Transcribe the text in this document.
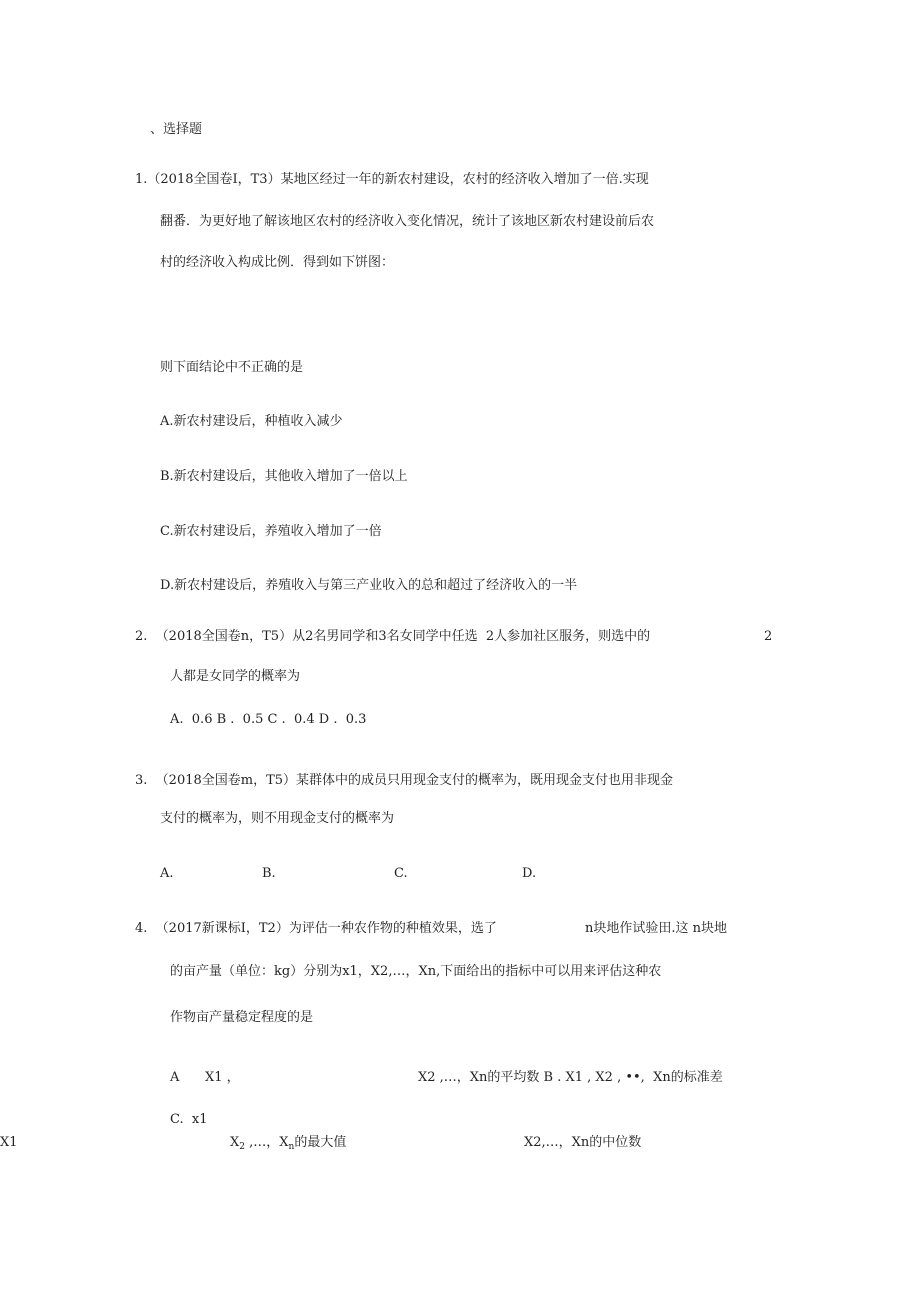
、选择题
1.（2018全国卷I，T3）某地区经过一年的新农村建设，农村的经济收入增加了一倍.实现
翻番．为更好地了解该地区农村的经济收入变化情况，统计了该地区新农村建设前后农
村的经济收入构成比例．得到如下饼图：
则下面结论中不正确的是
A.新农村建设后，种植收入减少
B.新农村建设后，其他收入增加了一倍以上
C.新农村建设后，养殖收入增加了一倍
D.新农村建设后，养殖收入与第三产业收入的总和超过了经济收入的一半
2.  （2018全国卷n，T5）从2名男同学和3名女同学中任选  2人参加社区服务，则选中的	2
人都是女同学的概率为
A.  0.6 B .  0.5 C .  0.4 D .  0.3
3.  （2018全国卷m，T5）某群体中的成员只用现金支付的概率为，既用现金支付也用非现金
支付的概率为，则不用现金支付的概率为
A.	B.	C.	D.
4.  （2017新课标I，T2）为评估一种农作物的种植效果，选了	n块地作试验田.这 n块地
的亩产量（单位：kg）分别为x1，X2,…，Xn,下面给出的指标中可以用来评估这种农
作物亩产量稳定程度的是
A X1 ，	X2 ,…，Xn的平均数 B . X1 , X2 , ••,  Xn的标准差
C.  x1
X1	$X_2$ ,…，$X_n$的最大值	X2,…，Xn的中位数
